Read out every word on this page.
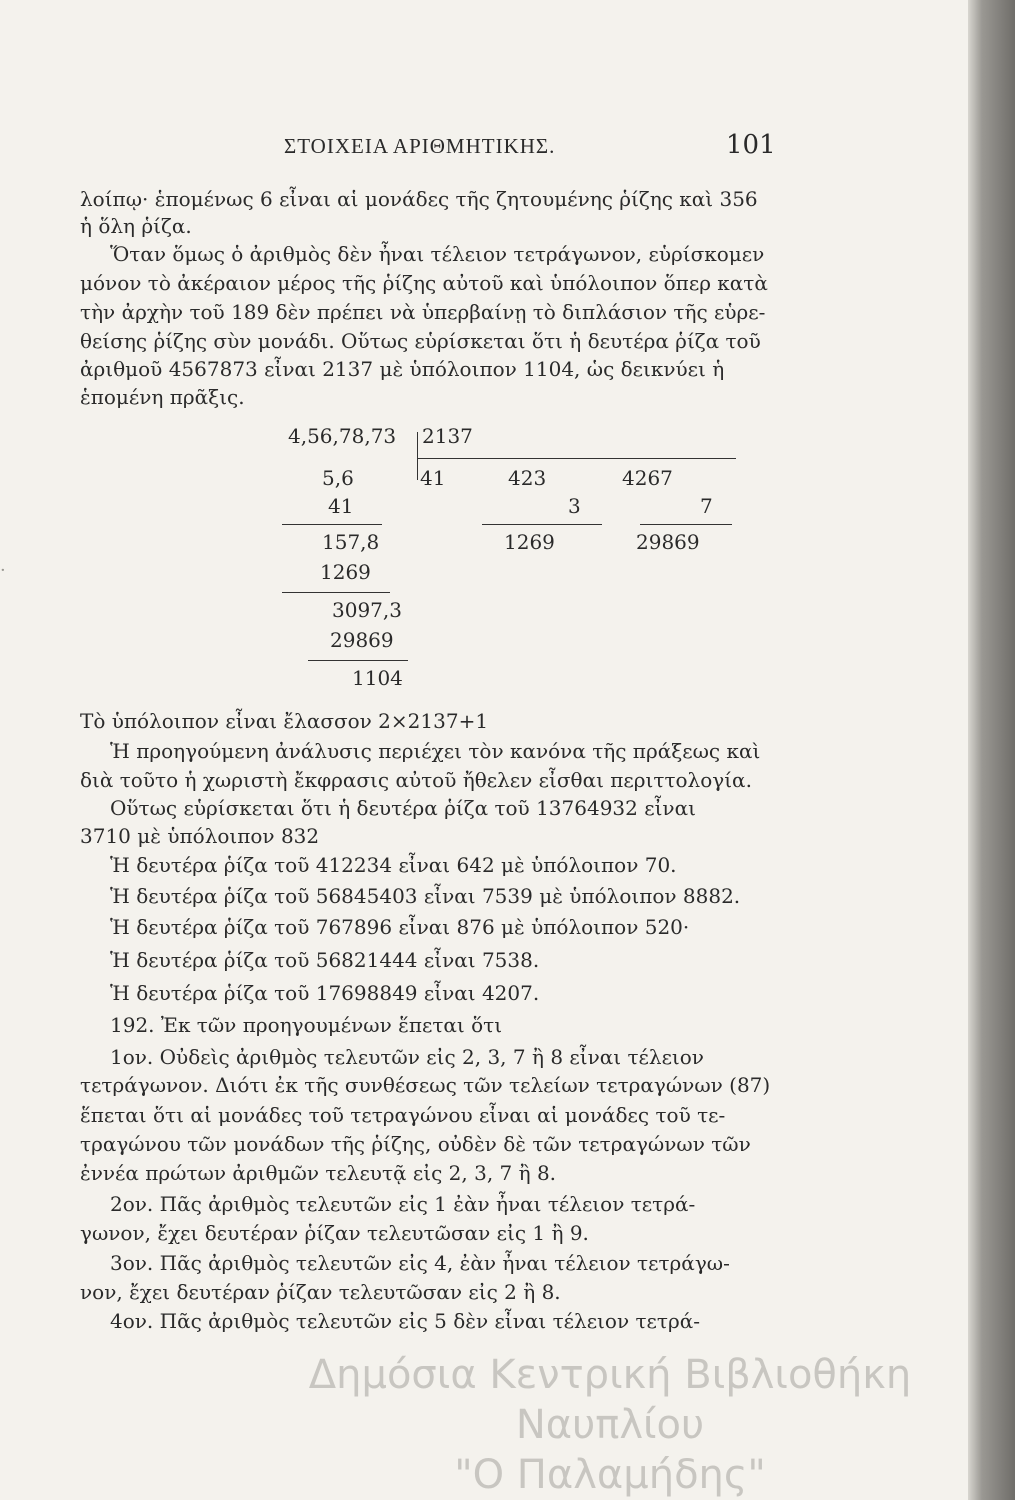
ΣΤΟΙΧΕΙΑ ΑΡΙΘΜΗΤΙΚΗΣ.	101
·
λοίπῳ· ἑπομένως 6 εἶναι αἱ μονάδες τῆς ζητουμένης ῥίζης καὶ 356
ἡ ὅλη ῥίζα.
Ὅταν ὅμως ὁ ἀριθμὸς δὲν ἦναι τέλειον τετράγωνον, εὑρίσκομεν
μόνον τὸ ἀκέραιον μέρος τῆς ῥίζης αὐτοῦ καὶ ὑπόλοιπον ὅπερ κατὰ
τὴν ἀρχὴν τοῦ 189 δὲν πρέπει νὰ ὑπερβαίνῃ τὸ διπλάσιον τῆς εὑρε-
θείσης ῥίζης σὺν μονάδι. Οὕτως εὑρίσκεται ὅτι ἡ δευτέρα ῥίζα τοῦ
ἀριθμοῦ 4567873 εἶναι 2137 μὲ ὑπόλοιπον 1104, ὡς δεικνύει ἡ
ἑπομένη πρᾶξις.
4,56,78,73 2137
5,6
41
157,8
1269
3097,3
29869
1104
41	423
3
1269
4267
7
29869
Τὸ ὑπόλοιπον εἶναι ἔλασσον 2×2137+1
Ἡ προηγούμενη ἀνάλυσις περιέχει τὸν κανόνα τῆς πράξεως καὶ
διὰ τοῦτο ἡ χωριστὴ ἔκφρασις αὐτοῦ ἤθελεν εἶσθαι περιττολογία.
Οὕτως εὑρίσκεται ὅτι ἡ δευτέρα ῥίζα τοῦ 13764932 εἶναι
3710 μὲ ὑπόλοιπον 832
Ἡ δευτέρα ῥίζα τοῦ 412234 εἶναι 642 μὲ ὑπόλοιπον 70.
Ἡ δευτέρα ῥίζα τοῦ 56845403 εἶναι 7539 μὲ ὑπόλοιπον 8882.
Ἡ δευτέρα ῥίζα τοῦ 767896 εἶναι 876 μὲ ὑπόλοιπον 520·
Ἡ δευτέρα ῥίζα τοῦ 56821444 εἶναι 7538.
Ἡ δευτέρα ῥίζα τοῦ 17698849 εἶναι 4207.
192. Ἐκ τῶν προηγουμένων ἕπεται ὅτι
1ον. Οὐδεὶς ἀριθμὸς τελευτῶν εἰς 2, 3, 7 ἢ 8 εἶναι τέλειον
τετράγωνον. Διότι ἐκ τῆς συνθέσεως τῶν τελείων τετραγώνων (87)
ἕπεται ὅτι αἱ μονάδες τοῦ τετραγώνου εἶναι αἱ μονάδες τοῦ τε-
τραγώνου τῶν μονάδων τῆς ῥίζης, οὐδὲν δὲ τῶν τετραγώνων τῶν
ἐννέα πρώτων ἀριθμῶν τελευτᾷ εἰς 2, 3, 7 ἢ 8.
2ον. Πᾶς ἀριθμὸς τελευτῶν εἰς 1 ἐὰν ἦναι τέλειον τετρά-
γωνον, ἔχει δευτέραν ῥίζαν τελευτῶσαν εἰς 1 ἢ 9.
3ον. Πᾶς ἀριθμὸς τελευτῶν εἰς 4, ἐὰν ἦναι τέλειον τετράγω-
νον, ἔχει δευτέραν ῥίζαν τελευτῶσαν εἰς 2 ἢ 8.
4ον. Πᾶς ἀριθμὸς τελευτῶν εἰς 5 δὲν εἶναι τέλειον τετρά-
Δημόσια Κεντρική Βιβλιοθήκη Ναυπλίου
"Ο Παλαμήδης"
